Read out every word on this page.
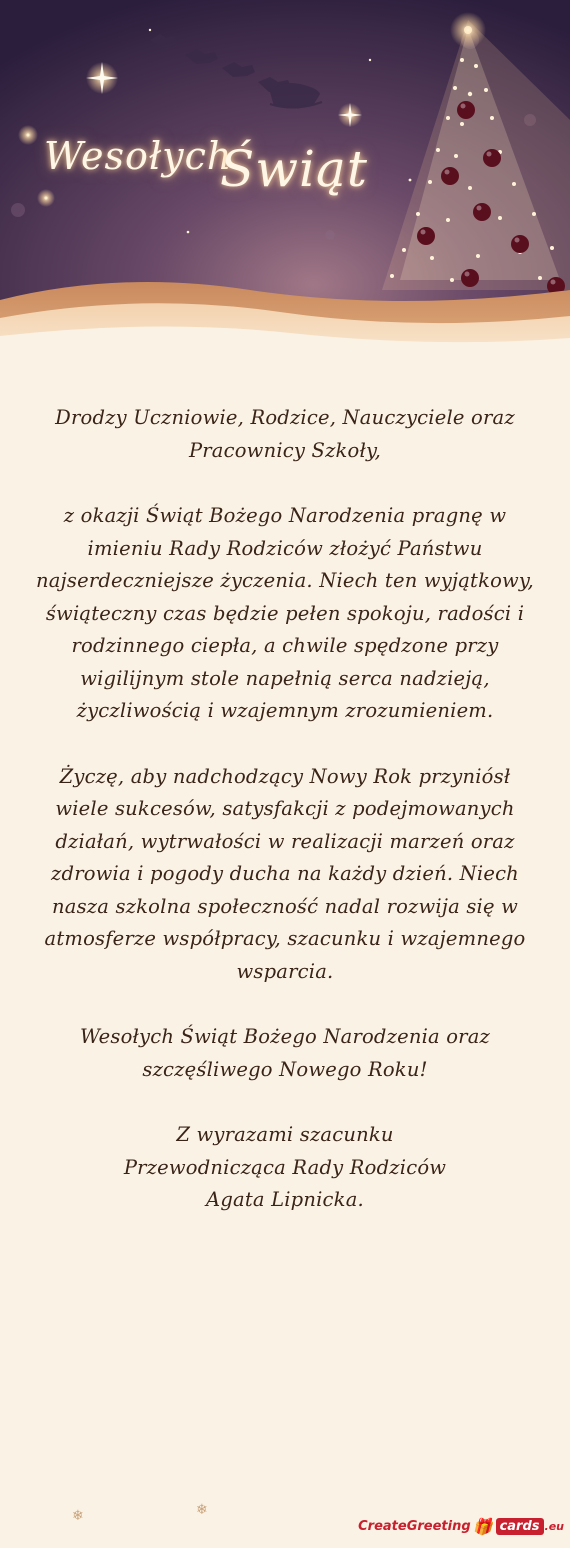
Wesołych
Świąt

Drodzy Uczniowie, Rodzice, Nauczyciele oraz Pracownicy Szkoły,

z okazji Świąt Bożego Narodzenia pragnę w imieniu Rady Rodziców złożyć Państwu najserdeczniejsze życzenia. Niech ten wyjątkowy, świąteczny czas będzie pełen spokoju, radości i rodzinnego ciepła, a chwile spędzone przy wigilijnym stole napełnią serca nadzieją, życzliwością i wzajemnym zrozumieniem.

Życzę, aby nadchodzący Nowy Rok przyniósł wiele sukcesów, satysfakcji z podejmowanych działań, wytrwałości w realizacji marzeń oraz zdrowia i pogody ducha na każdy dzień. Niech nasza szkolna społeczność nadal rozwija się w atmosferze współpracy, szacunku i wzajemnego wsparcia.

Wesołych Świąt Bożego Narodzenia oraz szczęśliwego Nowego Roku!

Z wyrazami szacunku

Przewodnicząca Rady Rodziców

Agata Lipnicka.

❄	❄
CreateGreeting 🎁 cards .eu
